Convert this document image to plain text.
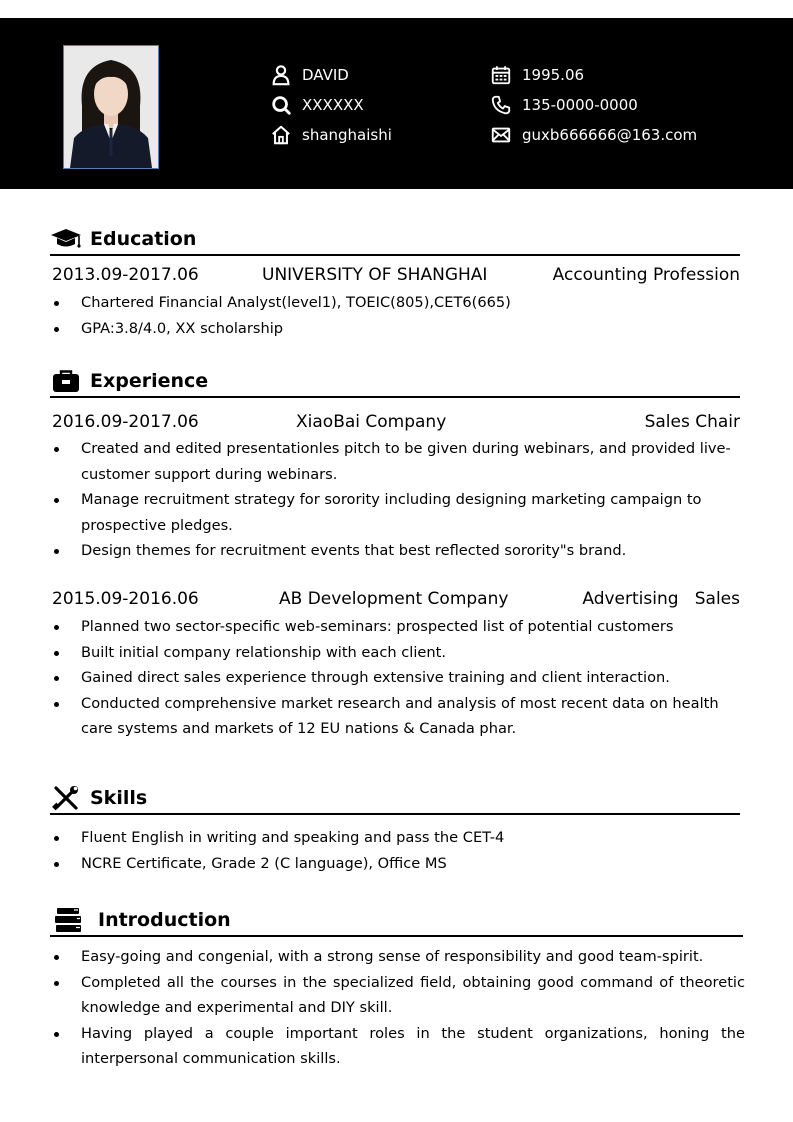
DAVID
XXXXXX
shanghaishi
1995.06
135-0000-0000
guxb666666@163.com
Education
2013.09-2017.06	UNIVERSITY OF SHANGHAI	Accounting Profession
Chartered Financial Analyst(level1), TOEIC(805),CET6(665)
GPA:3.8/4.0, XX scholarship
Experience
2016.09-2017.06	XiaoBai Company	Sales Chair
Created and edited presentationles pitch to be given during webinars, and provided live-customer support during webinars.
Manage recruitment strategy for sorority including designing marketing campaign to prospective pledges.
Design themes for recruitment events that best reflected sorority"s brand.
2015.09-2016.06	AB Development Company	Advertising   Sales
Planned two sector-specific web-seminars: prospected list of potential customers
Built initial company relationship with each client.
Gained direct sales experience through extensive training and client interaction.
Conducted comprehensive market research and analysis of most recent data on health care systems and markets of 12 EU nations & Canada phar.
Skills
Fluent English in writing and speaking and pass the CET-4
NCRE Certificate, Grade 2 (C language), Office MS
Introduction
Easy-going and congenial, with a strong sense of responsibility and good team-spirit.
Completed all the courses in the specialized field, obtaining good command of theoretic knowledge and experimental and DIY skill.
Having played a couple important roles in the student organizations, honing the interpersonal communication skills.
